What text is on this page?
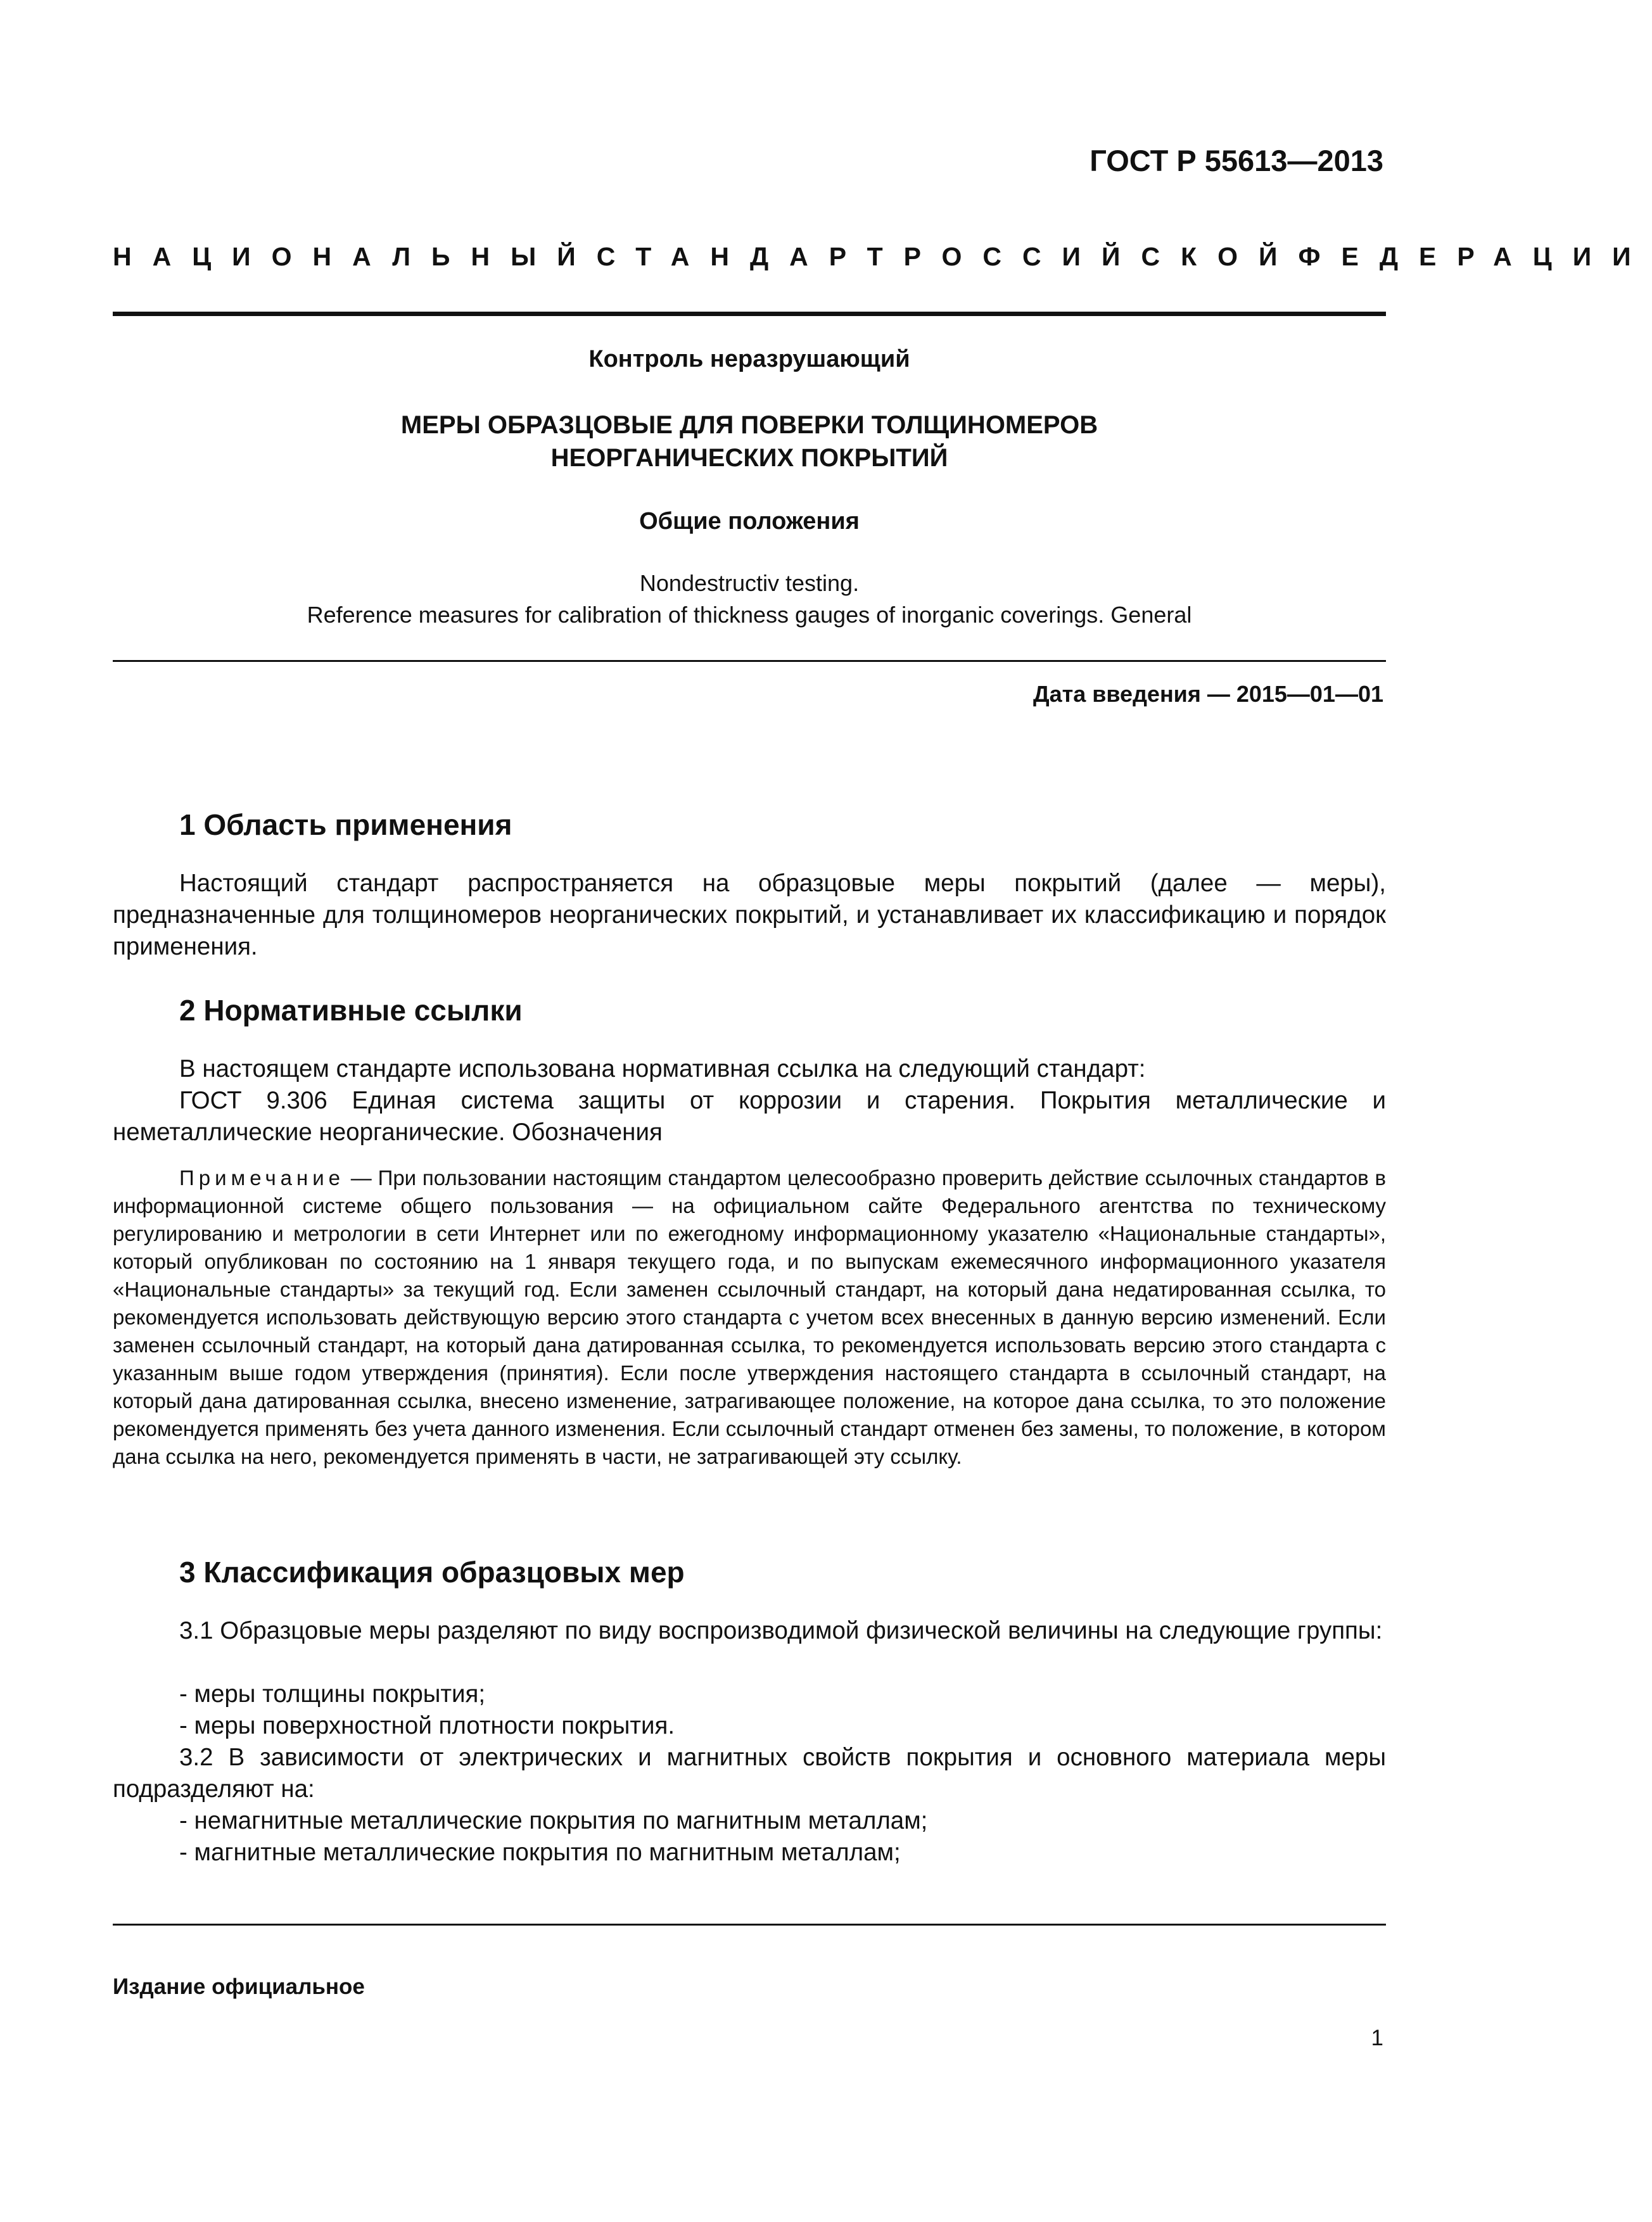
ГОСТ Р 55613—2013
НАЦИОНАЛЬНЫЙ СТАНДАРТ РОССИЙСКОЙ ФЕДЕРАЦИИ
Контроль неразрушающий
МЕРЫ ОБРАЗЦОВЫЕ ДЛЯ ПОВЕРКИ ТОЛЩИНОМЕРОВ
НЕОРГАНИЧЕСКИХ ПОКРЫТИЙ
Общие положения
Nondestructiv testing.
Reference measures for calibration of thickness gauges of inorganic coverings. General
Дата введения — 2015—01—01
1 Область применения
Настоящий стандарт распространяется на образцовые меры покрытий (далее — меры), предназначенные для толщиномеров неорганических покрытий, и устанавливает их классификацию и порядок применения.
2 Нормативные ссылки
В настоящем стандарте использована нормативная ссылка на следующий стандарт:
ГОСТ 9.306 Единая система защиты от коррозии и старения. Покрытия металлические и неметаллические неорганические. Обозначения
Примечание — При пользовании настоящим стандартом целесообразно проверить действие ссылочных стандартов в информационной системе общего пользования — на официальном сайте Федерального агентства по техническому регулированию и метрологии в сети Интернет или по ежегодному информационному указателю «Национальные стандарты», который опубликован по состоянию на 1 января текущего года, и по выпускам ежемесячного информационного указателя «Национальные стандарты» за текущий год. Если заменен ссылочный стандарт, на который дана недатированная ссылка, то рекомендуется использовать действующую версию этого стандарта с учетом всех внесенных в данную версию изменений. Если заменен ссылочный стандарт, на который дана датированная ссылка, то рекомендуется использовать версию этого стандарта с указанным выше годом утверждения (принятия). Если после утверждения настоящего стандарта в ссылочный стандарт, на который дана датированная ссылка, внесено изменение, затрагивающее положение, на которое дана ссылка, то это положение рекомендуется применять без учета данного изменения. Если ссылочный стандарт отменен без замены, то положение, в котором дана ссылка на него, рекомендуется применять в части, не затрагивающей эту ссылку.
3 Классификация образцовых мер
3.1 Образцовые меры разделяют по виду воспроизводимой физической величины на следующие группы:
- меры толщины покрытия;
- меры поверхностной плотности покрытия.
3.2 В зависимости от электрических и магнитных свойств покрытия и основного материала меры подразделяют на:
- немагнитные металлические покрытия по магнитным металлам;
- магнитные металлические покрытия по магнитным металлам;
Издание официальное
1
